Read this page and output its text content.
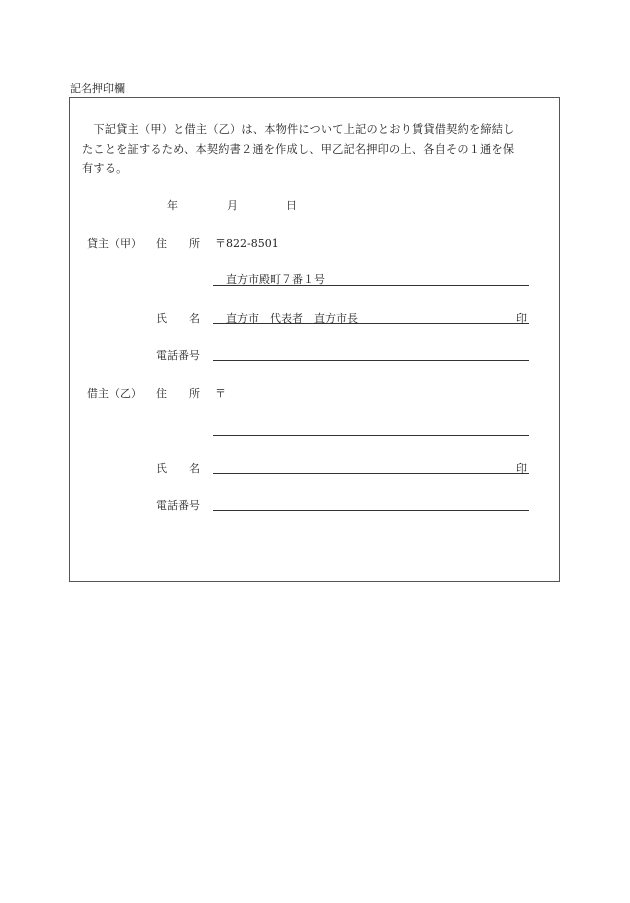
記名押印欄
　下記貸主（甲）と借主（乙）は、本物件について上記のとおり賃貸借契約を締結し
たことを証するため、本契約書２通を作成し、甲乙記名押印の上、各自その１通を保
有する。
年	月	日
貸主（甲） 住　　所 〒822-8501
直方市殿町７番１号
氏　　名 直方市　代表者　直方市長	印
電話番号
借主（乙） 住　　所 〒
氏　　名	印
電話番号
